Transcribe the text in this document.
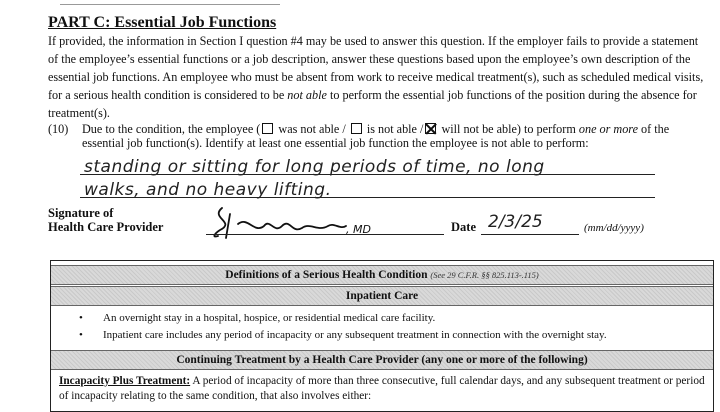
PART C: Essential Job Functions
If provided, the information in Section I question #4 may be used to answer this question. If the employer fails to provide a statement of the employee’s essential functions or a job description, answer these questions based upon the employee’s own description of the essential job functions. An employee who must be absent from work to receive medical treatment(s), such as scheduled medical visits, for a serious health condition is considered to be not able to perform the essential job functions of the position during the absence for treatment(s).
(10) Due to the condition, the employee ( was not able / is not able / will not be able) to perform one or more of the essential job function(s). Identify at least one essential job function the employee is not able to perform:
standing or sitting for long periods of time, no long
walks, and no heavy lifting.
Signature of
Health Care Provider	, MD	Date 2/3/25	(mm/dd/yyyy)
Definitions of a Serious Health Condition (See 29 C.F.R. §§ 825.113-.115)
Inpatient Care
• An overnight stay in a hospital, hospice, or residential medical care facility.
• Inpatient care includes any period of incapacity or any subsequent treatment in connection with the overnight stay.
Continuing Treatment by a Health Care Provider (any one or more of the following)
Incapacity Plus Treatment: A period of incapacity of more than three consecutive, full calendar days, and any subsequent treatment or period of incapacity relating to the same condition, that also involves either:
